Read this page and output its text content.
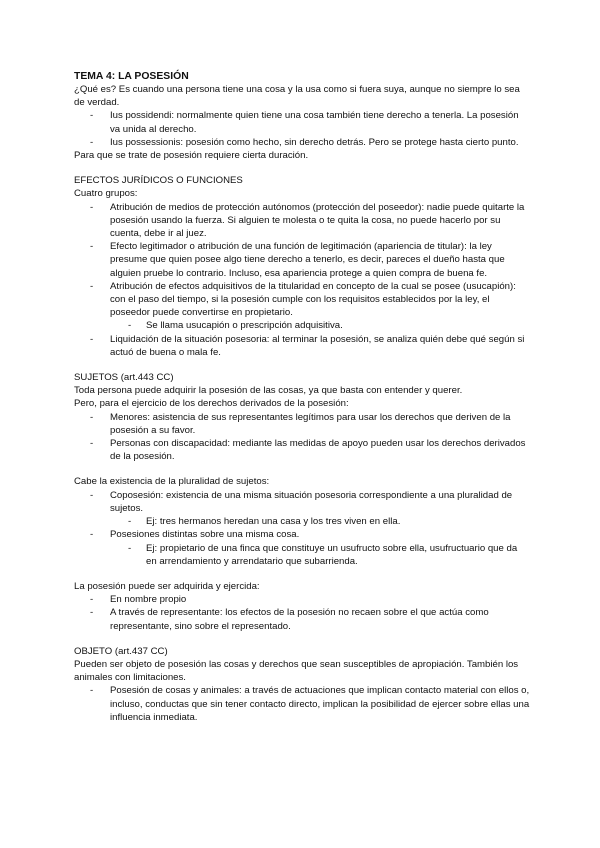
TEMA 4: LA POSESIÓN

¿Qué es? Es cuando una persona tiene una cosa y la usa como si fuera suya, aunque no siempre lo sea de verdad.

- Ius possidendi: normalmente quien tiene una cosa también tiene derecho a tenerla. La posesión va unida al derecho.
- Ius possessionis: posesión como hecho, sin derecho detrás. Pero se protege hasta cierto punto.

Para que se trate de posesión requiere cierta duración.

EFECTOS JURÍDICOS O FUNCIONES

Cuatro grupos:

- Atribución de medios de protección autónomos (protección del poseedor): nadie puede quitarte la posesión usando la fuerza. Si alguien te molesta o te quita la cosa, no puede hacerlo por su cuenta, debe ir al juez.
- Efecto legitimador o atribución de una función de legitimación (apariencia de titular): la ley presume que quien posee algo tiene derecho a tenerlo, es decir, pareces el dueño hasta que alguien pruebe lo contrario. Incluso, esa apariencia protege a quien compra de buena fe.
- Atribución de efectos adquisitivos de la titularidad en concepto de la cual se posee (usucapión): con el paso del tiempo, si la posesión cumple con los requisitos establecidos por la ley, el poseedor puede convertirse en propietario.
- Se llama usucapión o prescripción adquisitiva.
- Liquidación de la situación posesoria: al terminar la posesión, se analiza quién debe qué según si actuó de buena o mala fe.

SUJETOS (art.443 CC)

Toda persona puede adquirir la posesión de las cosas, ya que basta con entender y querer.

Pero, para el ejercicio de los derechos derivados de la posesión:

- Menores: asistencia de sus representantes legítimos para usar los derechos que deriven de la posesión a su favor.
- Personas con discapacidad: mediante las medidas de apoyo pueden usar los derechos derivados de la posesión.

Cabe la existencia de la pluralidad de sujetos:

- Coposesión: existencia de una misma situación posesoria correspondiente a una pluralidad de sujetos.
- Ej: tres hermanos heredan una casa y los tres viven en ella.
- Posesiones distintas sobre una misma cosa.
- Ej: propietario de una finca que constituye un usufructo sobre ella, usufructuario que da en arrendamiento y arrendatario que subarrienda.

La posesión puede ser adquirida y ejercida:

- En nombre propio
- A través de representante: los efectos de la posesión no recaen sobre el que actúa como representante, sino sobre el representado.

OBJETO (art.437 CC)

Pueden ser objeto de posesión las cosas y derechos que sean susceptibles de apropiación. También los animales con limitaciones.

- Posesión de cosas y animales: a través de actuaciones que implican contacto material con ellos o, incluso, conductas que sin tener contacto directo, implican la posibilidad de ejercer sobre ellas una influencia inmediata.
